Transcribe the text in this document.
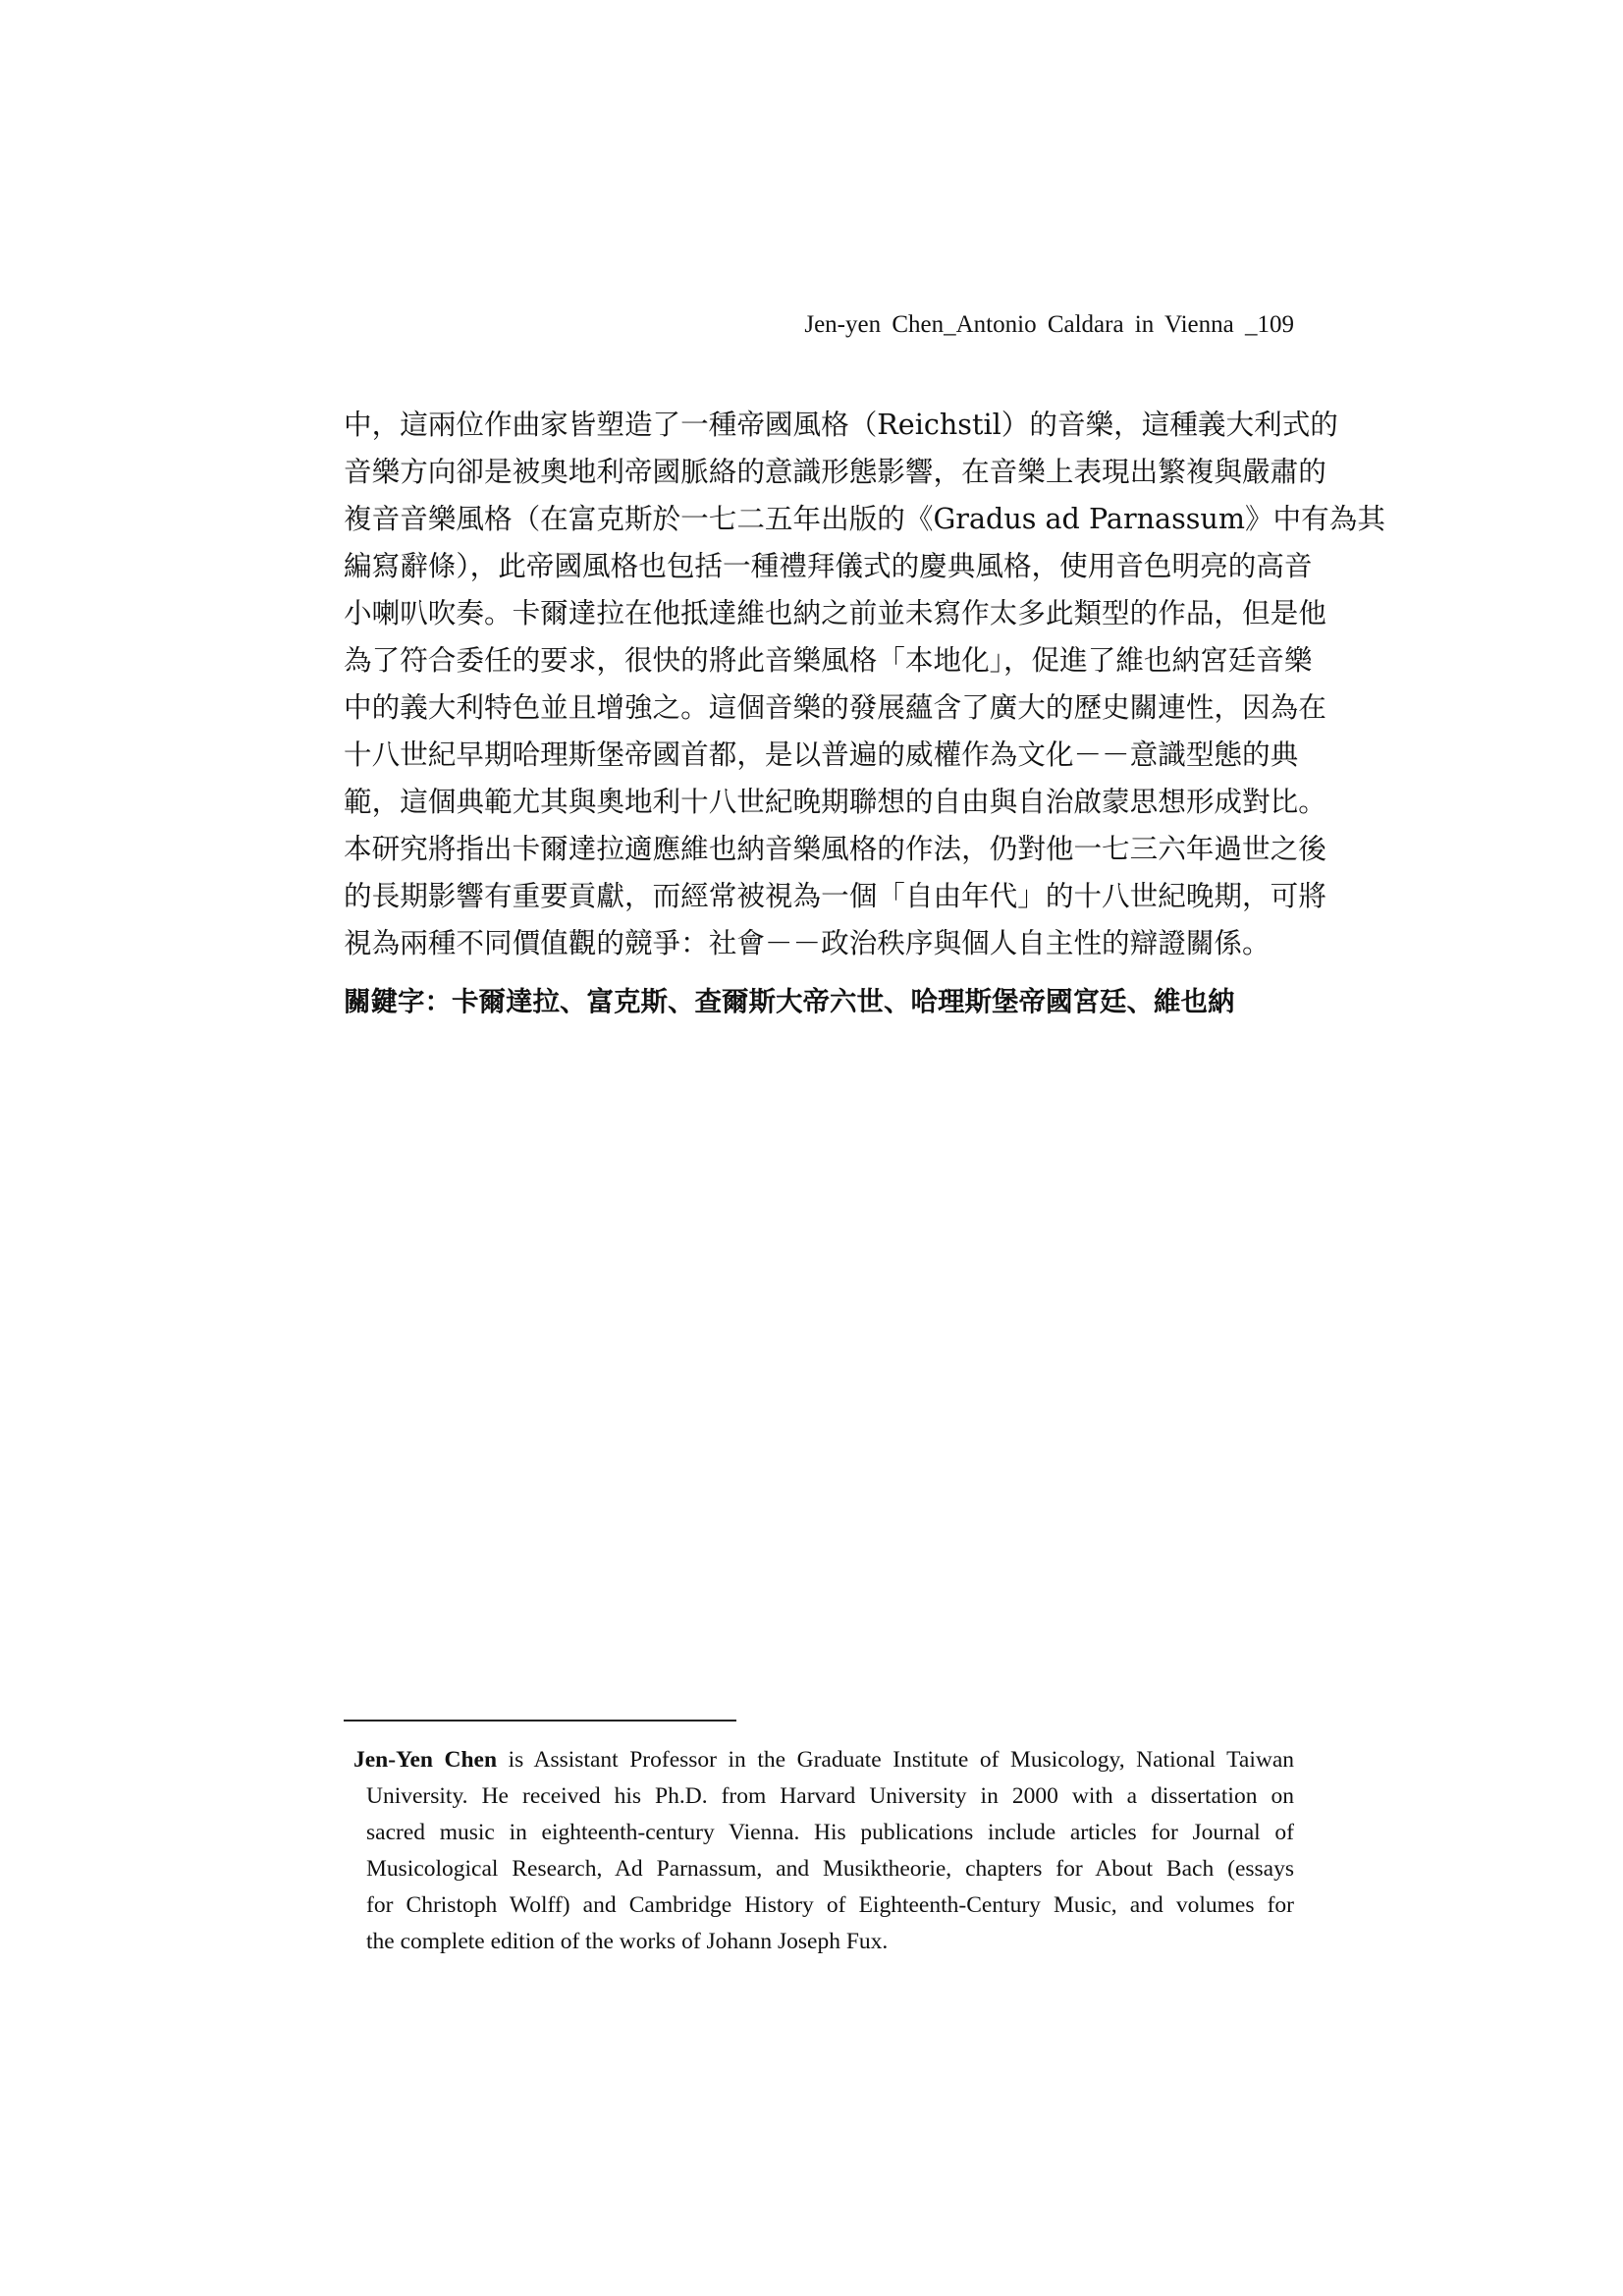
Jen-yen Chen_Antonio Caldara in Vienna _109
中，這兩位作曲家皆塑造了一種帝國風格（Reichstil）的音樂，這種義大利式的
音樂方向卻是被奧地利帝國脈絡的意識形態影響，在音樂上表現出繁複與嚴肅的
複音音樂風格（在富克斯於一七二五年出版的《Gradus ad Parnassum》中有為其
編寫辭條），此帝國風格也包括一種禮拜儀式的慶典風格，使用音色明亮的高音
小喇叭吹奏。卡爾達拉在他抵達維也納之前並未寫作太多此類型的作品，但是他
為了符合委任的要求，很快的將此音樂風格「本地化」，促進了維也納宮廷音樂
中的義大利特色並且增強之。這個音樂的發展蘊含了廣大的歷史關連性，因為在
十八世紀早期哈理斯堡帝國首都，是以普遍的威權作為文化－－意識型態的典
範，這個典範尤其與奧地利十八世紀晚期聯想的自由與自治啟蒙思想形成對比。
本研究將指出卡爾達拉適應維也納音樂風格的作法，仍對他一七三六年過世之後
的長期影響有重要貢獻，而經常被視為一個「自由年代」的十八世紀晚期，可將
視為兩種不同價值觀的競爭：社會－－政治秩序與個人自主性的辯證關係。
關鍵字：卡爾達拉、富克斯、查爾斯大帝六世、哈理斯堡帝國宮廷、維也納
Jen-Yen Chen is Assistant Professor in the Graduate Institute of Musicology, National Taiwan
University. He received his Ph.D. from Harvard University in 2000 with a dissertation on
sacred music in eighteenth-century Vienna. His publications include articles for Journal of
Musicological Research, Ad Parnassum, and Musiktheorie, chapters for About Bach (essays
for Christoph Wolff) and Cambridge History of Eighteenth-Century Music, and volumes for
the complete edition of the works of Johann Joseph Fux.
